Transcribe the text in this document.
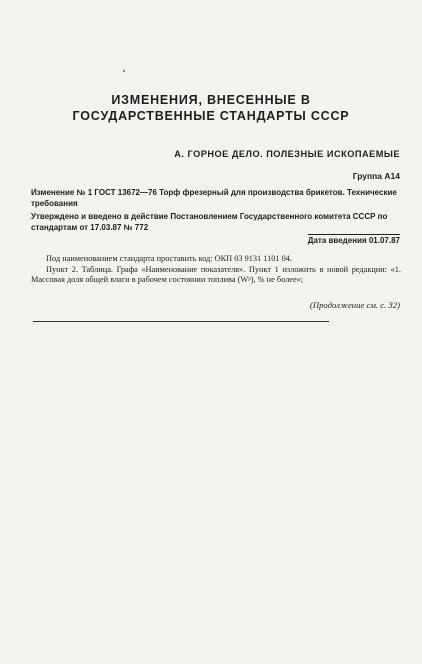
ИЗМЕНЕНИЯ, ВНЕСЕННЫЕ В
ГОСУДАРСТВЕННЫЕ СТАНДАРТЫ СССР
А. ГОРНОЕ ДЕЛО. ПОЛЕЗНЫЕ ИСКОПАЕМЫЕ
Группа А14
Изменение № 1 ГОСТ 13672—76 Торф фрезерный для производства брикетов. Технические требования
Утверждено и введено в действие Постановлением Государственного комитета СССР по стандартам от 17.03.87 № 772
Дата введения 01.07.87

Под наименованием стандарта проставить код: ОКП 03 9131 1101 04.

Пункт 2. Таблица. Графа «Наименование показателя». Пункт 1 изложить в новой редакции: «1. Массовая доля общей влаги в рабочем состоянии топлива (Wᵖ), % не более»;

(Продолжение см. с. 32)
